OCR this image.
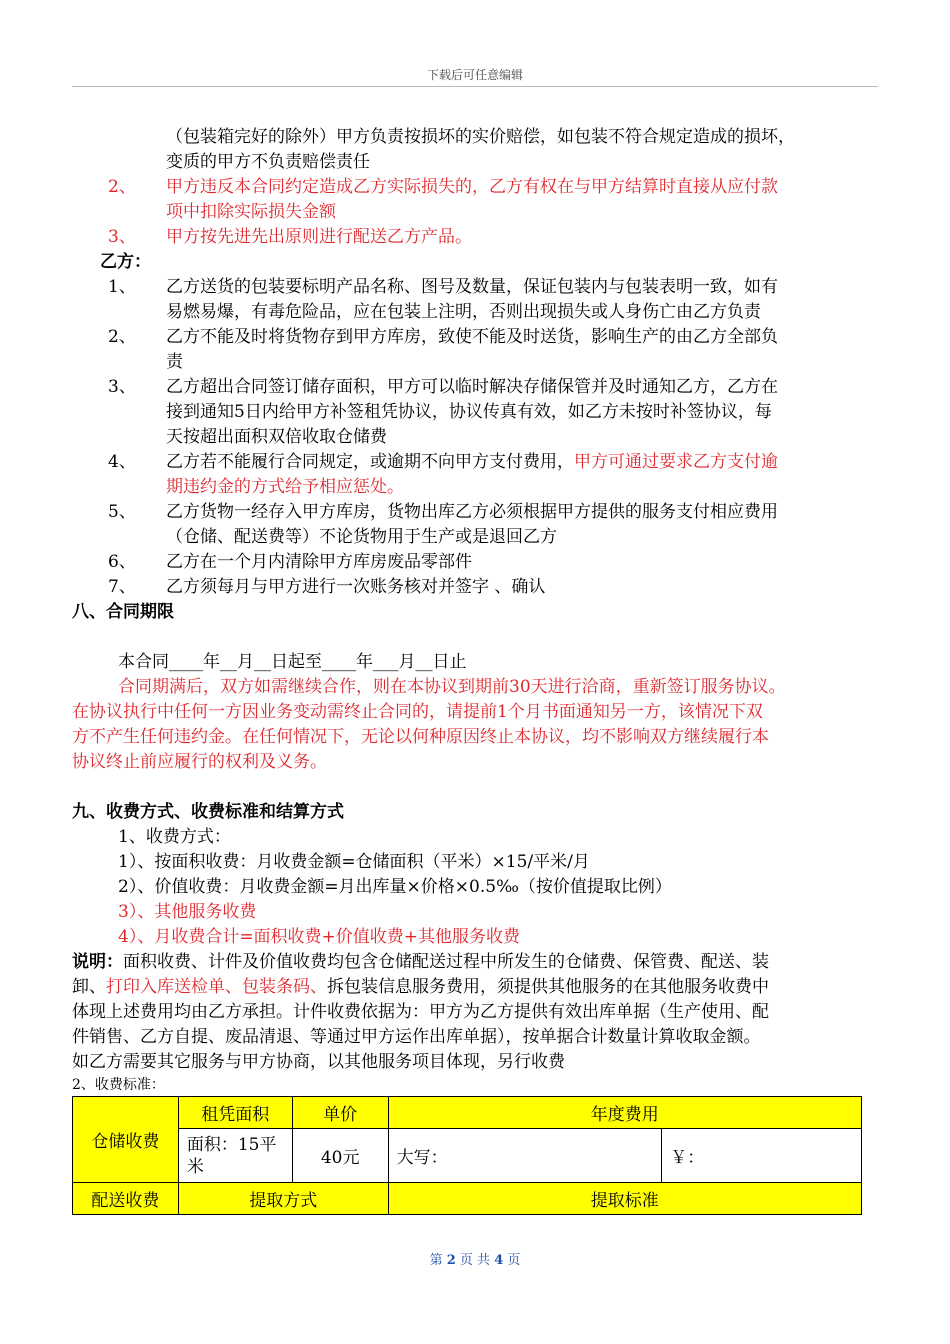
下载后可任意编辑
（包装箱完好的除外）甲方负责按损坏的实价赔偿，如包装不符合规定造成的损坏，
变质的甲方不负责赔偿责任
2、 甲方违反本合同约定造成乙方实际损失的，乙方有权在与甲方结算时直接从应付款
项中扣除实际损失金额
3、 甲方按先进先出原则进行配送乙方产品。
乙方：
1、 乙方送货的包装要标明产品名称、图号及数量，保证包装内与包装表明一致，如有
易燃易爆，有毒危险品，应在包装上注明，否则出现损失或人身伤亡由乙方负责
2、 乙方不能及时将货物存到甲方库房，致使不能及时送货，影响生产的由乙方全部负
责
3、 乙方超出合同签订储存面积，甲方可以临时解决存储保管并及时通知乙方，乙方在
接到通知5日内给甲方补签租凭协议，协议传真有效，如乙方未按时补签协议，每
天按超出面积双倍收取仓储费
4、 乙方若不能履行合同规定，或逾期不向甲方支付费用，甲方可通过要求乙方支付逾
期违约金的方式给予相应惩处。
5、 乙方货物一经存入甲方库房，货物出库乙方必须根据甲方提供的服务支付相应费用
（仓储、配送费等）不论货物用于生产或是退回乙方
6、 乙方在一个月内清除甲方库房废品零部件
7、 乙方须每月与甲方进行一次账务核对并签字 、确认
八、合同期限
本合同____年__月__日起至____年___月__日止
合同期满后，双方如需继续合作，则在本协议到期前30天进行洽商，重新签订服务协议。
在协议执行中任何一方因业务变动需终止合同的，请提前1个月书面通知另一方，该情况下双
方不产生任何违约金。在任何情况下，无论以何种原因终止本协议，均不影响双方继续履行本
协议终止前应履行的权利及义务。
九、收费方式、收费标准和结算方式
1、收费方式：
1）、按面积收费：月收费金额=仓储面积（平米）×15/平米/月
2）、价值收费：月收费金额=月出库量×价格×0.5‰（按价值提取比例）
3）、其他服务收费
4）、月收费合计=面积收费+价值收费+其他服务收费
说明：面积收费、计件及价值收费均包含仓储配送过程中所发生的仓储费、保管费、配送、装
卸、打印入库送检单、包装条码、拆包装信息服务费用，须提供其他服务的在其他服务收费中
体现上述费用均由乙方承担。计件收费依据为：甲方为乙方提供有效出库单据（生产使用、配
件销售、乙方自提、废品清退、等通过甲方运作出库单据），按单据合计数量计算收取金额。
如乙方需要其它服务与甲方协商，以其他服务项目体现，另行收费
2、收费标准：
仓储收费	租凭面积	单价	年度费用	
	面积：15平米	40元	大写：	￥：
配送收费	提取方式		提取标准	
第 2 页 共 4 页
